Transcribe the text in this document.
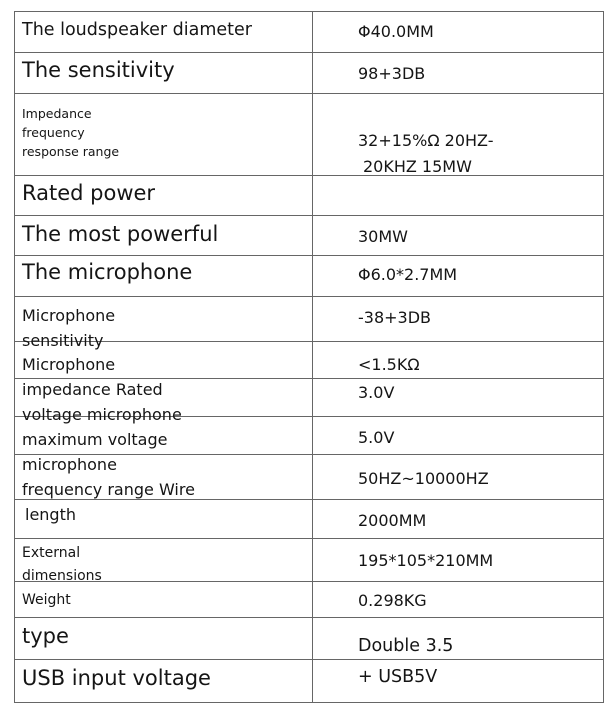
The loudspeaker diameter
The sensitivity
Impedance
frequency
response range
Rated power
The most powerful
The microphone
Microphone
sensitivity
Microphone
impedance Rated
voltage microphone
maximum voltage
microphone
frequency range Wire
length
External
dimensions
Weight
type
USB input voltage
Φ40.0MM
98+3DB
32+15%Ω 20HZ-
20KHZ 15MW
30MW
Φ6.0*2.7MM
-38+3DB
<1.5KΩ
3.0V
5.0V
50HZ~10000HZ
2000MM
195*105*210MM
0.298KG
Double 3.5
+ USB5V
